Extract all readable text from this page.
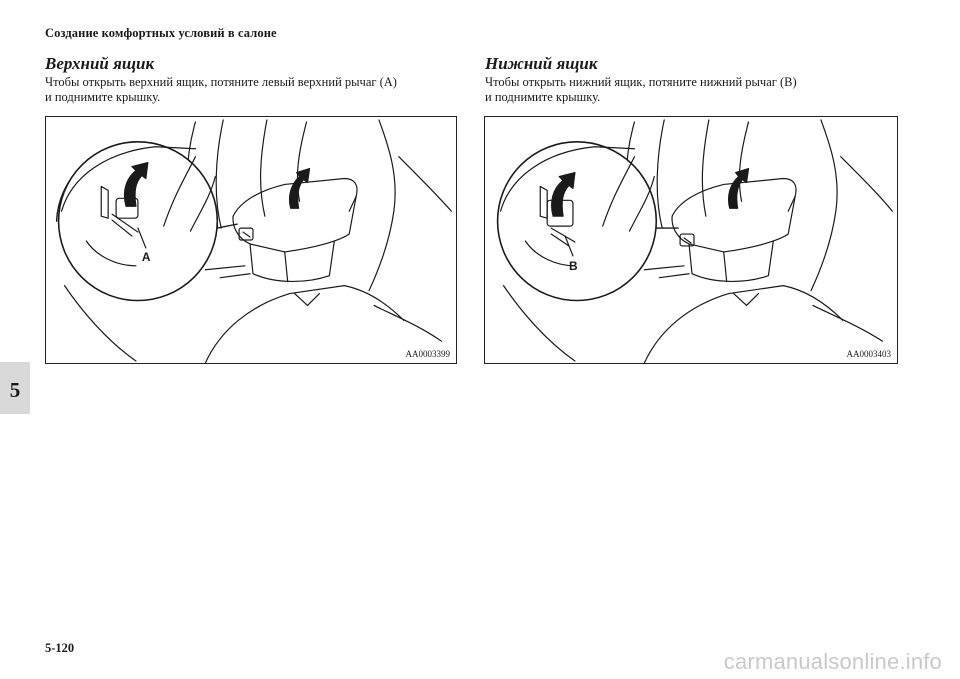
Создание комфортных условий в салоне
Верхний ящик

Чтобы открыть верхний ящик, потяните левый верхний рычаг (A)
и поднимите крышку.

A
AA0003399
Нижний ящик

Чтобы открыть нижний ящик, потяните нижний рычаг (B)
и поднимите крышку.

B
AA0003403
5
5-120
carmanualsonline.info
